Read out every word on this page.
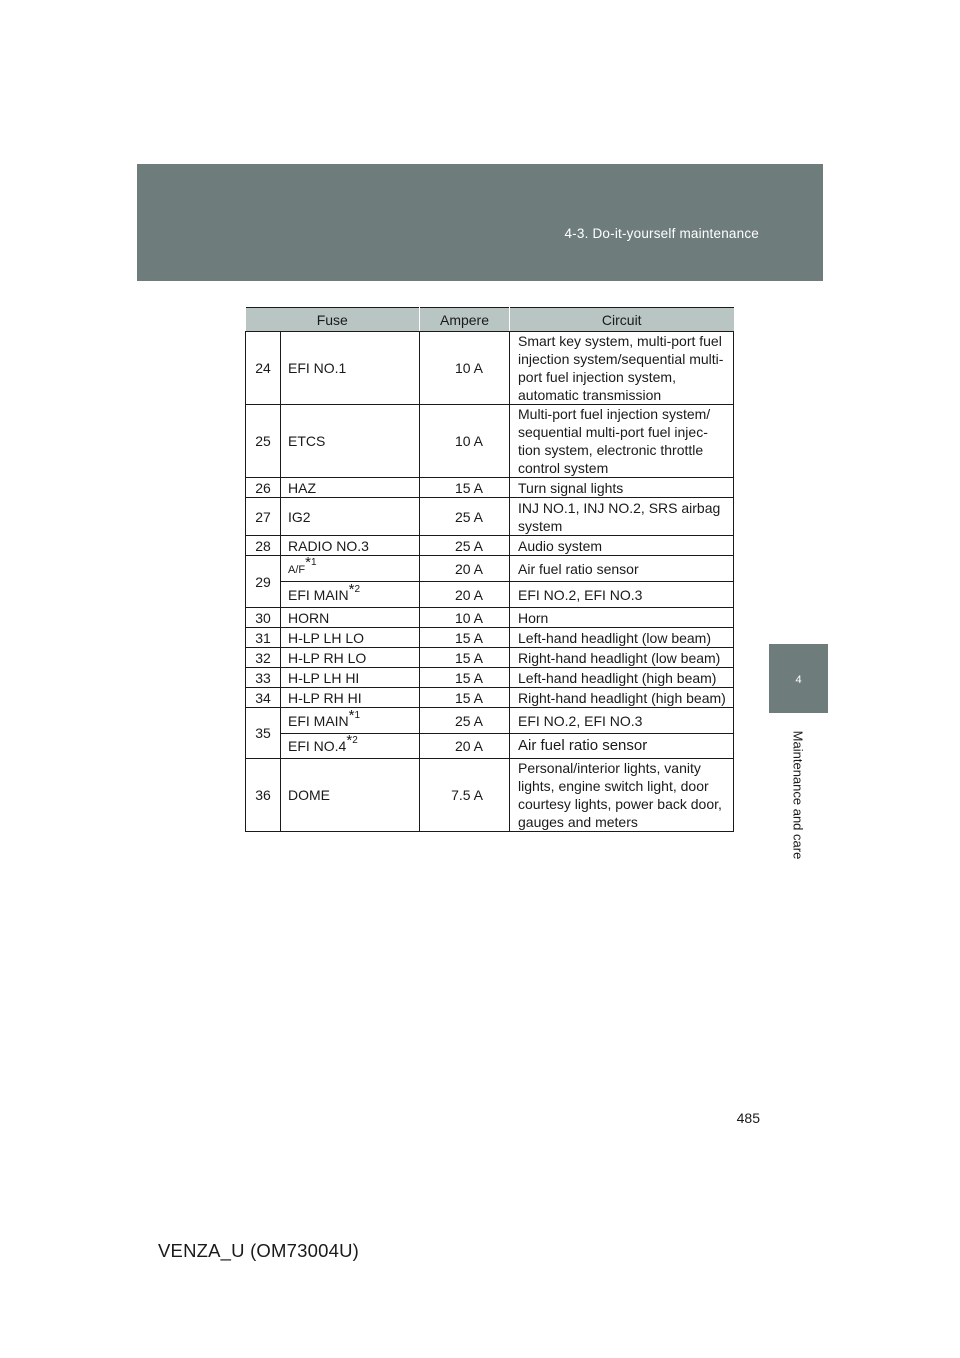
4-3. Do-it-yourself maintenance
4
Maintenance and care
Fuse		Ampere	Circuit
24	EFI NO.1	10 A	Smart key system, multi-port fuel injection system/sequential multi-port fuel injection system, automatic transmission
25	ETCS	10 A	Multi-port fuel injection system/ sequential multi-port fuel injec- tion system, electronic throttle control system
26	HAZ	15 A	Turn signal lights
27	IG2	25 A	INJ NO.1, INJ NO.2, SRS airbag system
28	RADIO NO.3	25 A	Audio system
29	A/F*$^1$	20 A	Air fuel ratio sensor
	EFI MAIN*$^2$	20 A	EFI NO.2, EFI NO.3
30	HORN	10 A	Horn
31	H-LP LH LO	15 A	Left-hand headlight (low beam)
32	H-LP RH LO	15 A	Right-hand headlight (low beam)
33	H-LP LH HI	15 A	Left-hand headlight (high beam)
34	H-LP RH HI	15 A	Right-hand headlight (high beam)
35	EFI MAIN*$^1$	25 A	EFI NO.2, EFI NO.3
	EFI NO.4*$^2$	20 A	Air fuel ratio sensor
36	DOME	7.5 A	Personal/interior lights, vanity lights, engine switch light, door courtesy lights, power back door, gauges and meters
485
VENZA_U (OM73004U)
